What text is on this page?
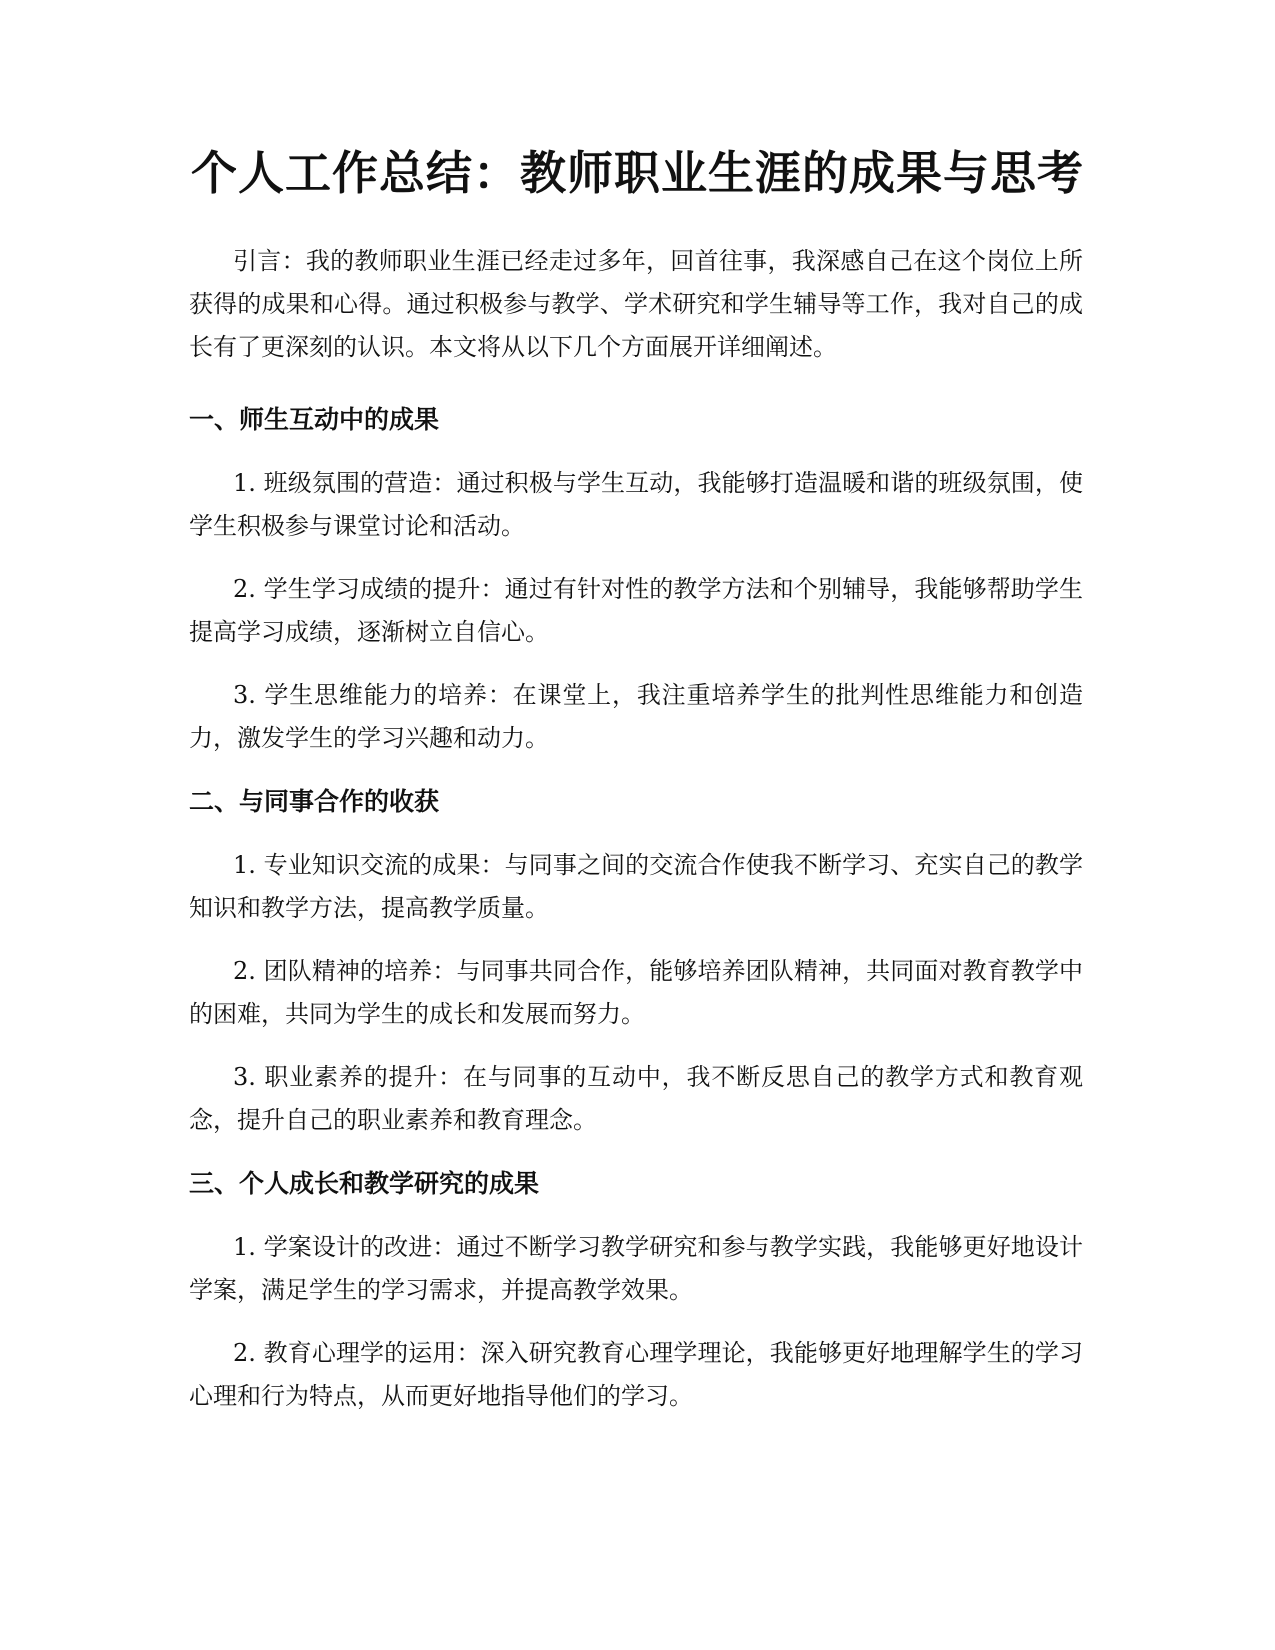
个人工作总结：教师职业生涯的成果与思考

引言：我的教师职业生涯已经走过多年，回首往事，我深感自己在这个岗位上所获得的成果和心得。通过积极参与教学、学术研究和学生辅导等工作，我对自己的成长有了更深刻的认识。本文将从以下几个方面展开详细阐述。

一、师生互动中的成果

1. 班级氛围的营造：通过积极与学生互动，我能够打造温暖和谐的班级氛围，使学生积极参与课堂讨论和活动。

2. 学生学习成绩的提升：通过有针对性的教学方法和个别辅导，我能够帮助学生提高学习成绩，逐渐树立自信心。

3. 学生思维能力的培养：在课堂上，我注重培养学生的批判性思维能力和创造力，激发学生的学习兴趣和动力。

二、与同事合作的收获

1. 专业知识交流的成果：与同事之间的交流合作使我不断学习、充实自己的教学知识和教学方法，提高教学质量。

2. 团队精神的培养：与同事共同合作，能够培养团队精神，共同面对教育教学中的困难，共同为学生的成长和发展而努力。

3. 职业素养的提升：在与同事的互动中，我不断反思自己的教学方式和教育观念，提升自己的职业素养和教育理念。

三、个人成长和教学研究的成果

1. 学案设计的改进：通过不断学习教学研究和参与教学实践，我能够更好地设计学案，满足学生的学习需求，并提高教学效果。

2. 教育心理学的运用：深入研究教育心理学理论，我能够更好地理解学生的学习心理和行为特点，从而更好地指导他们的学习。
